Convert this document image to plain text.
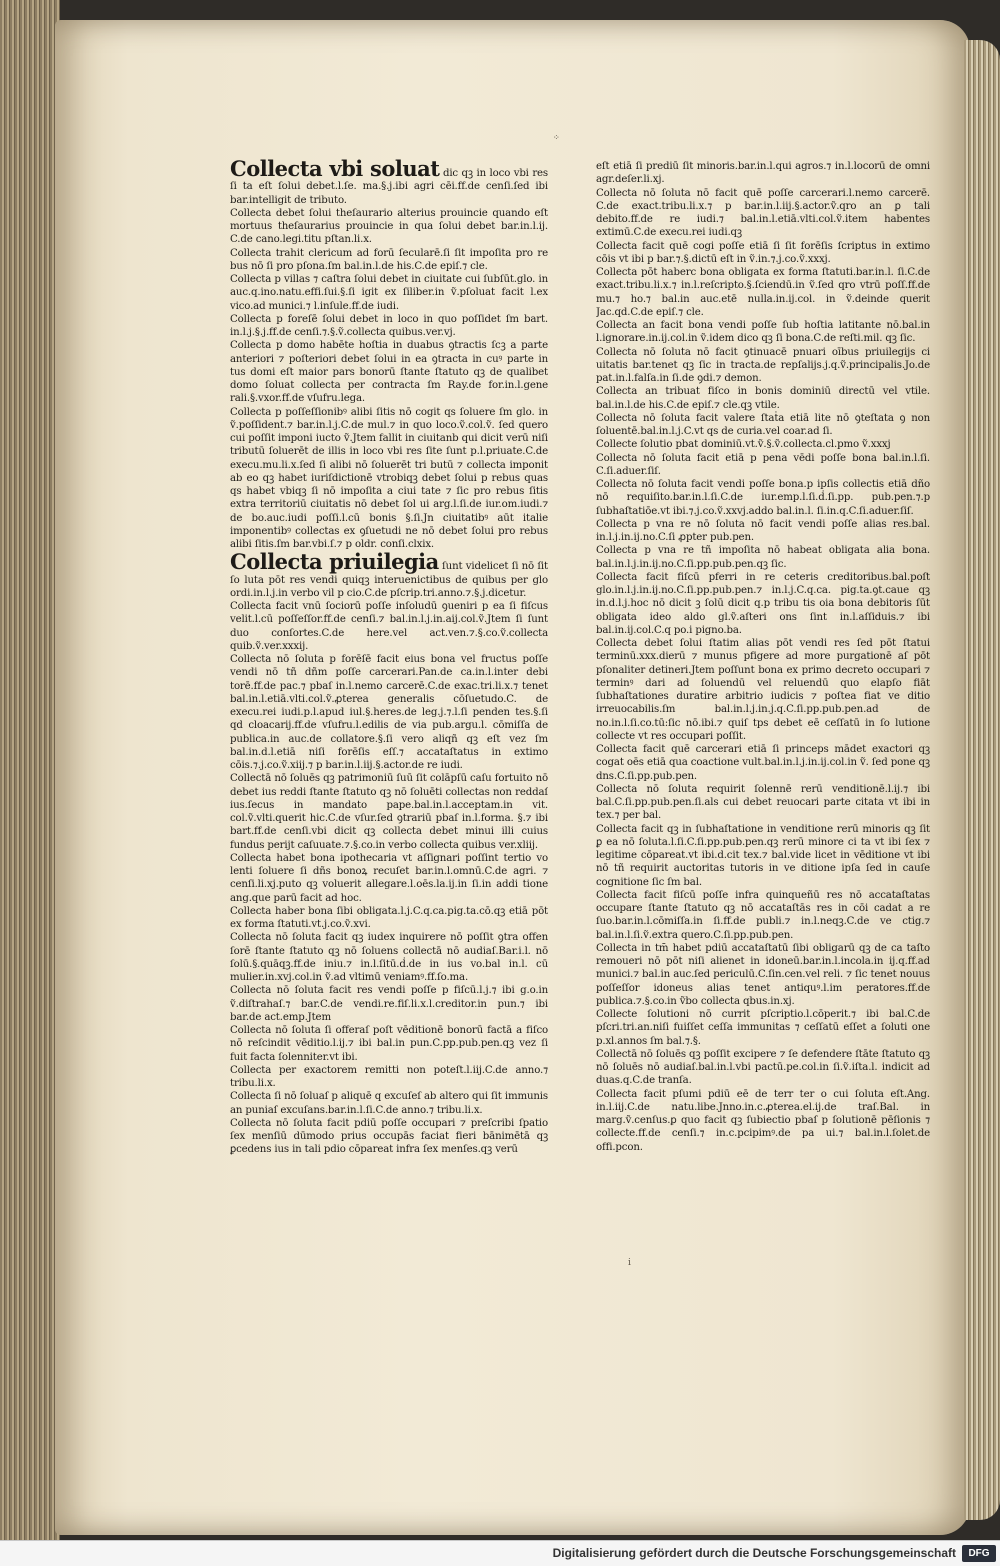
⁘

Collecta vbi soluat dic qꝫ in loco vbi res ſi ta eſt ſolui debet.l.ſe. ma.§.j.ibi agri cēi.ff.de cenſi.ſed ibi bar.intelligit de tributo.

Collecta debet ſolui theſaurario alterius prouincie quando eſt mortuus theſaurarius prouincie in qua ſolui debet bar.in.l.ij. C.de cano.legi.titu pſtan.li.x.

Collecta trahit clericum ad forū ſecularē.ſi ſit impoſita pro re bus nō ſi pro pſona.ſm bal.in.l.de his.C.de epiſ.⁊ cle.

Collecta p villas ⁊ caſtra ſolui debet in ciuitate cui ſubſūt.glo. in auc.q.ino.natu.effi.ſui.§.ſi igit ex ſiliber.in ṽ.pſoluat facit l.ex vico.ad munici.⁊ l.inſule.ff.de iudi.

Collecta p foreſē ſolui debet in loco in quo poſſidet ſm bart. in.l.j.§.j.ff.de cenſi.⁊.§.ṽ.collecta quibus.ver.vj.

Collecta p domo habēte hoſtia in duabus ꝯtractis ſcꝫ a parte anteriori ⁊ poſteriori debet ſolui in ea ꝯtracta in cuꝰ parte in tus domi eſt maior pars bonorū ſtante ſtatuto qꝫ de qualibet domo ſoluat collecta per contracta ſm Ray.de for.in.l.gene rali.§.vxor.ff.de vſufru.lega.

Collecta p poſſeſſionibꝰ alibi ſitis nō cogit qs ſoluere ſm glo. in ṽ.poſſident.⁊ bar.in.l.j.C.de mul.⁊ in quo loco.ṽ.col.ṽ. ſed quero cui poſſit imponi iucto ṽ.Jtem fallit in ciuitanb qui dicit verū niſi tributū ſoluerēt de illis in loco vbi res ſite ſunt p.l.priuate.C.de execu.mu.li.x.ſed ſi alibi nō ſoluerēt tri butū ⁊ collecta imponit ab eo qꝫ habet iuriſdictionē vtrobiqꝫ debet ſolui p rebus quas qs habet vbiqꝫ ſi nō impoſita a ciui tate ⁊ ſic pro rebus ſitis extra territoriū ciuitatis nō debet ſol ui arg.l.ſi.de iur.om.iudi.⁊ de bo.auc.iudi poſſi.l.cū bonis §.ſi.Jn ciuitatibꝰ aūt italie imponentibꝰ collectas ex ꝯſuetudi ne nō debet ſolui pro rebus alibi ſitis.ſm bar.vbi.ſ.⁊ p oldr. conſi.clxix.

Collecta priuilegia ſunt videlicet ſi nō ſit ſo luta pōt res vendi quiqꝫ interuenictibus de quibus per glo ordi.in.l.j.in verbo vil p cio.C.de pſcrip.tri.anno.⁊.§.j.dicetur.

Collecta facit vnū ſociorū poſſe inſoludū ꝯueniri p ea ſi fiſcus velit.l.cū poſſeſſor.ff.de cenſi.⁊ bal.in.l.j.in.aij.col.ṽ.Jtem ſi ſunt duo conſortes.C.de here.vel act.ven.⁊.§.co.ṽ.collecta quib.ṽ.ver.xxxij.

Collecta nō ſoluta p forēſē facit eius bona vel fructus poſſe vendi nō tñ dñm poſſe carcerari.Pan.de ca.in.l.inter debi torē.ff.de pac.⁊ pbaſ in.l.nemo carcerē.C.de exac.tri.li.x.⁊ tenet bal.in.l.etiā.vlti.col.ṽ.ꝓterea generalis cōſuetudo.C. de execu.rei iudi.p.l.apud iul.§.heres.de leg.j.⁊.l.ſi penden tes.§.ſi qd cloacarij.ff.de vſufru.l.edilis de via pub.argu.l. cōmiſſa de publica.in auc.de collatore.§.ſi vero aliqñ qꝫ eſt vez ſm bal.in.d.l.etiā niſi forēſis eſſ.⁊ accataſtatus in extimo cōis.⁊.j.co.ṽ.xiij.⁊ p bar.in.l.iij.§.actor.de re iudi.

Collectā nō ſoluēs qꝫ patrimoniū ſuū ſit colāpſū caſu fortuito nō debet ius reddi ſtante ſtatuto qꝫ nō ſoluēti collectas non reddaſ ius.ſecus in mandato pape.bal.in.l.acceptam.in vit. col.ṽ.vlti.querit hic.C.de vſur.ſed ꝯtrariū pbaſ in.l.forma. §.⁊ ibi bart.ff.de cenſi.vbi dicit qꝫ collecta debet minui illi cuius fundus perijt caſuuate.⁊.§.co.in verbo collecta quibus ver.xliij.

Collecta habet bona ipothecaria vt aſſignari poſſint tertio vo lenti ſoluere ſi dñs bonoꝝ recuſet bar.in.l.omnū.C.de agri. ⁊ cenſi.li.xj.puto qꝫ voluerit allegare.l.oēs.la.ij.in ſi.in addi tione ang.que parū facit ad hoc.

Collecta haber bona ſibi obligata.l.j.C.q.ca.pig.ta.cō.qꝫ etiā pōt ex forma ſtatuti.vt.j.co.ṽ.xvi.

Collecta nō ſoluta facit qꝫ iudex inquirere nō poſſit ꝯtra offen ſorē ſtante ſtatuto qꝫ nō ſoluens collectā nō audiaſ.Bar.i.l. nō ſolū.§.quāqꝫ.ff.de iniu.⁊ in.l.ſitū.ḋ.de in ius vo.bal in.l. cū mulier.in.xvj.col.in ṽ.ad vltimū veniamꝰ.ff.ſo.ma.

Collecta nō ſoluta facit res vendi poſſe p fiſcū.l.j.⁊ ibi g.o.in ṽ.diſtrahaſ.⁊ bar.C.de vendi.re.fiſ.li.x.l.creditor.in pun.⁊ ibi bar.de act.emp.Jtem

Collecta nō ſoluta ſi offeraſ poſt vēditionē bonorū factā a fiſco nō reſcindit vēditio.l.ij.⁊ ibi bal.in pun.C.pp.pub.pen.qꝫ vez ſi fuit facta ſolenniter.vt ibi.

Collecta per exactorem remitti non poteſt.l.iij.C.de anno.⁊ tribu.li.x.

Collecta ſi nō ſoluaſ p aliquē q excuſeſ ab altero qui ſit immunis an puniaſ excuſans.bar.in.l.ſi.C.de anno.⁊ tribu.li.x.

Collecta nō ſoluta facit pdiū poſſe occupari ⁊ preſcribi ſpatio ſex menſiū dūmodo prius occupās faciat fieri bānimētā qꝫ ꝑcedens ius in tali pdio cōpareat infra ſex menſes.qꝫ verū

eſt etiā ſi prediū ſit minoris.bar.in.l.qui agros.⁊ in.l.locorū de omni agr.deſer.li.xj.

Collecta nō ſoluta nō facit quē poſſe carcerari.l.nemo carcerē. C.de exact.tribu.li.x.⁊ p bar.in.l.iij.§.actor.ṽ.qro an ꝑ tali debito.ff.de re iudi.⁊ bal.in.l.etiā.vlti.col.ṽ.item habentes extimū.C.de execu.rei iudi.qꝫ

Collecta facit quē cogi poſſe etiā ſi ſit forēſis ſcriptus in extimo cōis vt ibi p bar.⁊.§.dictū eſt in ṽ.in.⁊.j.co.ṽ.xxxj.

Collecta pōt haberc bona obligata ex forma ſtatuti.bar.in.l. ſi.C.de exact.tribu.li.x.⁊ in.l.reſcripto.§.ſciendū.in ṽ.ſed qro vtrū poſſ.ff.de mu.⁊ ho.⁊ bal.in auc.etē nulla.in.ij.col. in ṽ.deinde querit Jac.qd.C.de epiſ.⁊ cle.

Collecta an facit bona vendi poſſe ſub hoſtia latitante nō.bal.in l.ignorare.in.ij.col.in ṽ.idem dico qꝫ ſi bona.C.de reſti.mil. qꝫ ſic.

Collecta nō ſoluta nō facit ꝯtinuacē pnuari oībus priuilegijs ci uitatis bar.tenet qꝫ ſic in tracta.de repſalijs.j.q.ṽ.principalis.Jo.de pat.in.l.falſa.in ſi.de ꝯdi.⁊ demon.

Collecta an tribuat fiſco in bonis dominiū directū vel vtile. bal.in.l.de his.C.de epiſ.⁊ cle.qꝫ vtile.

Collecta nō ſoluta facit valere ſtaṫa etiā lite nō ꝯteſtata ꝯ non ſoluentē.bal.in.l.j.C.vt qs de curia.vel coar.ad ſi.

Collecte ſolutio pbat dominiū.vt.ṽ.§.ṽ.collecta.cl.pmo ṽ.xxxj

Collecta nō ſoluta facit etiā p pena vēdi poſſe bona bal.in.l.ſi. C.ſi.aduer.ſiſ.

Collecta nō ſoluta facit vendi poſſe bona.p ipſis collectis etiā dño nō requiſito.bar.in.l.ſi.C.de iur.emp.l.ſi.ḋ.ſi.pp. pub.pen.⁊.p ſubhaſtatiōe.vt ibi.⁊.j.co.ṽ.xxvj.addo bal.in.l. ſi.in.q.C.ſi.aduer.ſiſ.

Collecta p vna re nō ſoluta nō facit vendi poſſe alias res.bal. in.l.j.in.ij.no.C.ſi ꝓpter pub.pen.

Collecta p vna re tñ impoſita nō habeat obligata alia bona. bal.in.l.j.in.ij.no.C.ſi.pp.pub.pen.qꝫ ſic.

Collecta facit fiſcū pferri in re ceteris creditoribus.bal.poſt glo.in.l.j.in.ij.no.C.ſi.pp.pub.pen.⁊ in.l.j.C.q.ca. pig.ta.ꝯt.caue qꝫ in.d.l.j.hoc nō dicit ꝫ ſolū dicit q.p tribu tis oia bona debitoris ſūt obligata ideo aldo gl.ṽ.aſteri ons ſint in.l.aſſiduis.⁊ ibi bal.in.ij.col.C.q po.i pigno.ba.

Collecta debet ſolui ſtatim alias pōt vendi res ſed pōt ſtatui terminū.xxx.dierū ⁊ munus pfigere ad more purgationē aſ pōt pſonaliter detineri.Jtem poſſunt bona ex primo decreto occupari ⁊ terminꝰ dari ad ſoluendū vel reluendū quo elapſo fiāt ſubhaſtationes duratire arbitrio iudicis ⁊ poſtea fiat ve ditio irreuocabilis.ſm bal.in.l.j.in.j.q.C.ſi.pp.pub.pen.ad de no.in.l.ſi.co.tū:ſic nō.ibi.⁊ quiſ tps debet eē ceſſatū in ſo lutione collecte vt res occupari poſſit.

Collecta facit quē carcerari etiā ſi princeps mādet exactori qꝫ cogat oēs etiā qua coactione vult.bal.in.l.j.in.ij.col.in ṽ. ſed pone qꝫ dns.C.ſi.pp.pub.pen.

Collecta nō ſoluta requirit ſolennē rerū venditionē.l.ij.⁊ ibi bal.C.ſi.pp.pub.pen.ſi.als cui debet reuocari parte citata vt ibi in tex.⁊ per bal.

Collecta facit qꝫ in ſubhaſtatione in venditione rerū minoris qꝫ ſit ꝑ ea nō ſoluta.l.ſi.C.ſi.pp.pub.pen.qꝫ rerū minore ci ta vt ibi ſex ⁊ legitime cōpareat.vt ibi.d.cit tex.⁊ bal.vide licet in vēditione vt ibi nō tñ requirit auctoritas tutoris in ve ditione ipſa ſed in cauſe cognitione ſic ſm bal.

Collecta facit fiſcū poſſe infra quinqueñū res nō accataſtatas occupare ſtante ſtatuto qꝫ nō accataſtās res in cōi cadat a re ſuo.bar.in.l.cōmiſſa.in ſi.ff.de publi.⁊ in.l.neqꝫ.C.de ve ctig.⁊ bal.in.l.ſi.ṽ.extra quero.C.ſi.pp.pub.pen.

Collecta in tm̄ habet pdiū accataſtatū ſibi obligarū qꝫ de ca taſto remoueri nō pōt niſi alienet in idoneū.bar.in.l.incola.in ij.q.ff.ad munici.⁊ bal.in auc.ſed periculū.C.ſin.cen.vel reli. ⁊ ſic tenet nouus poſſeſſor idoneus alias tenet antiquꝰ.l.im peratores.ff.de publica.⁊.§.co.in ṽbo collecta qbus.in.xj.

Collecte ſolutioni nō currit pſcriptio.l.cōperit.⁊ ibi bal.C.de pſcri.tri.an.niſi fuiſſet ceſſa immunitas ⁊ ceſſatū eſſet a ſoluti one p.xl.annos ſm bal.⁊.§.

Collectā nō ſoluēs qꝫ poſſit excipere ⁊ ſe defendere ſtāte ſtatuto qꝫ nō ſoluēs nō audiaſ.bal.in.l.vbi pactū.pe.col.in ſi.ṽ.iſta.l. indicit ad duas.q.C.de tranſa.

Collecta facit pſumi pdiū eē de terr ter o cui ſoluta eſt.Ang. in.l.iij.C.de natu.libe.Jnno.in.c.ꝓterea.el.ij.de traſ.Bal. in marg.ṽ.cenſus.ꝑ quo facit qꝫ ſubiectio pbaſ p ſolutionē pēſionis ⁊ collecte.ff.de cenſi.⁊ in.c.pcipimꝰ.de pa ui.⁊ bal.in.l.ſolet.de offi.pcon.

i
Digitalisierung gefördert durch die Deutsche Forschungsgemeinschaft	DFG
